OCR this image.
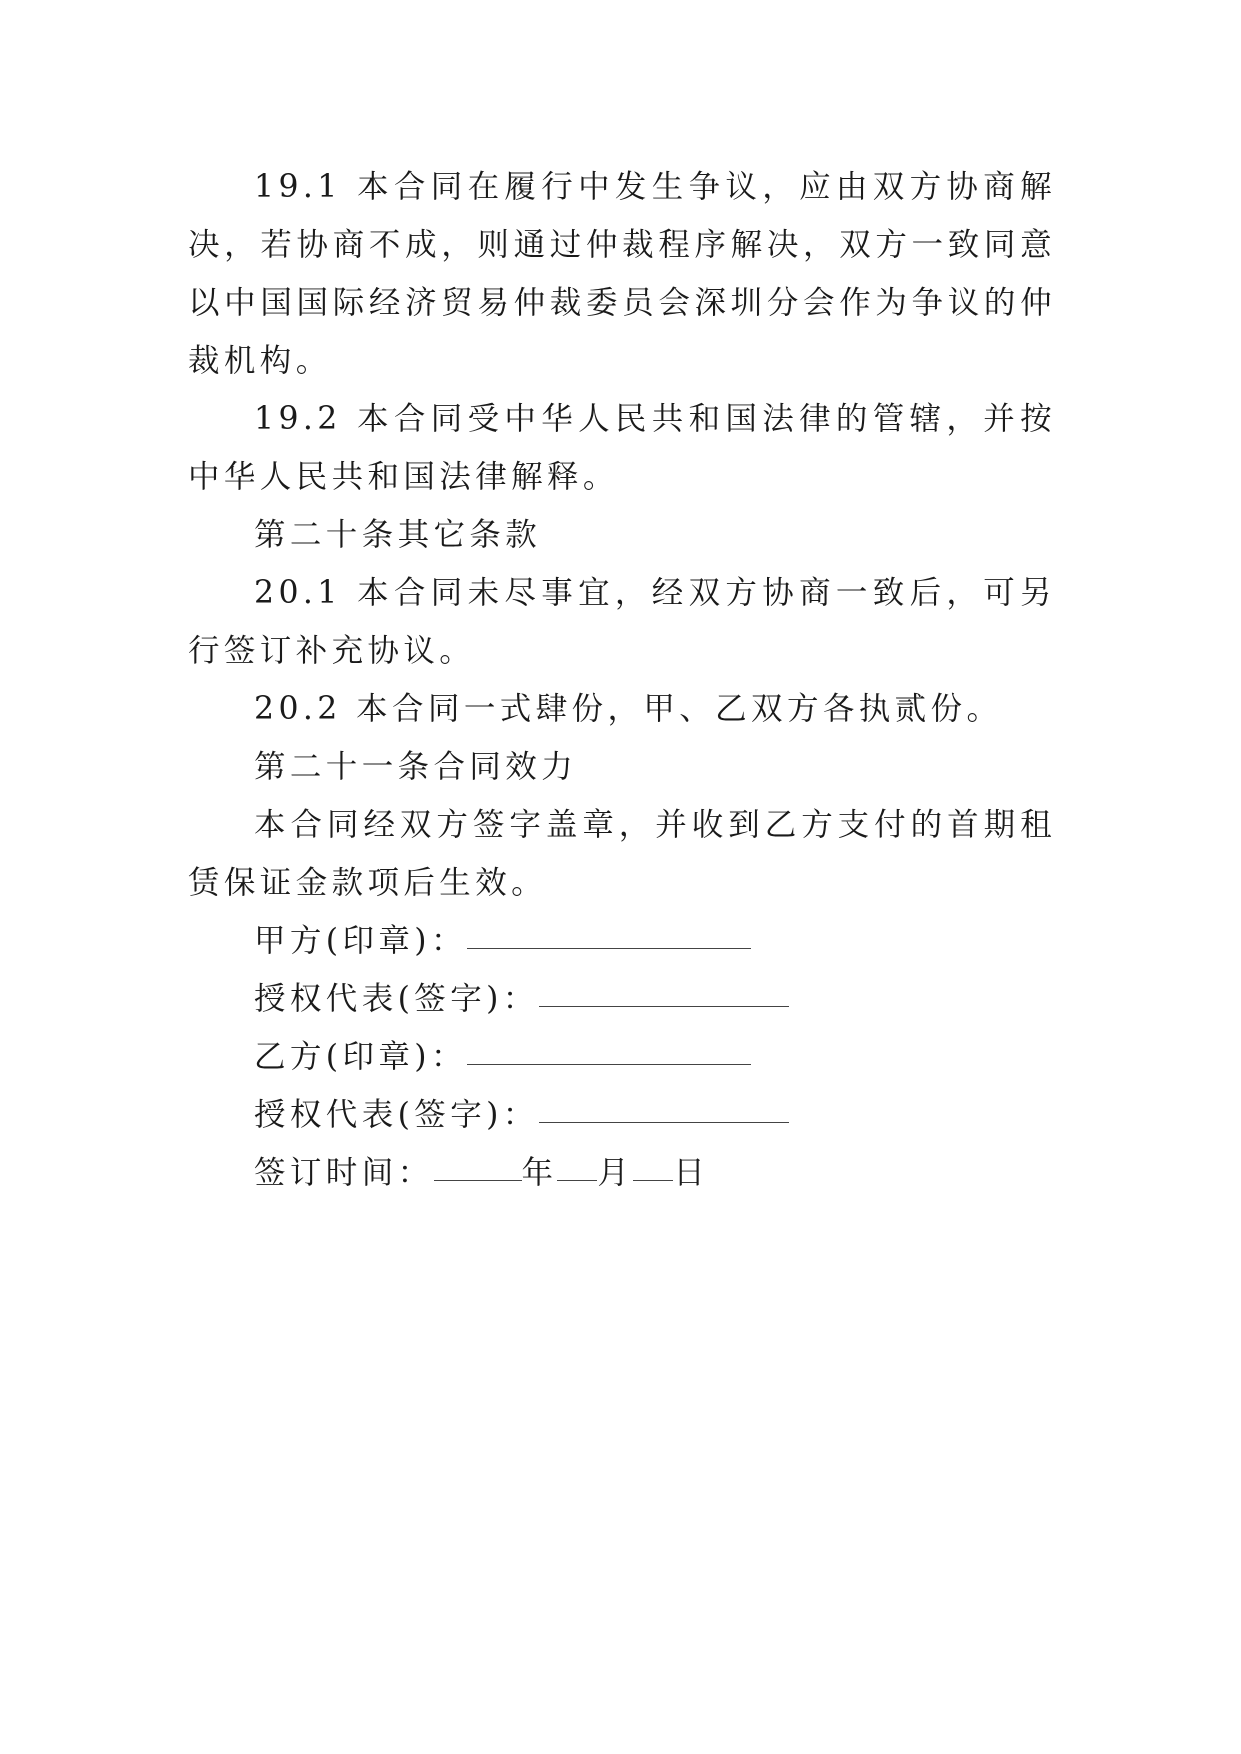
19.1 本合同在履行中发生争议，应由双方协商解决，若协商不成，则通过仲裁程序解决，双方一致同意以中国国际经济贸易仲裁委员会深圳分会作为争议的仲裁机构。

19.2 本合同受中华人民共和国法律的管辖，并按中华人民共和国法律解释。

第二十条其它条款

20.1 本合同未尽事宜，经双方协商一致后，可另行签订补充协议。

20.2 本合同一式肆份，甲、乙双方各执贰份。

第二十一条合同效力

本合同经双方签字盖章，并收到乙方支付的首期租赁保证金款项后生效。

甲方(印章)：

授权代表(签字)：

乙方(印章)：

授权代表(签字)：

签订时间：	年 月 日
